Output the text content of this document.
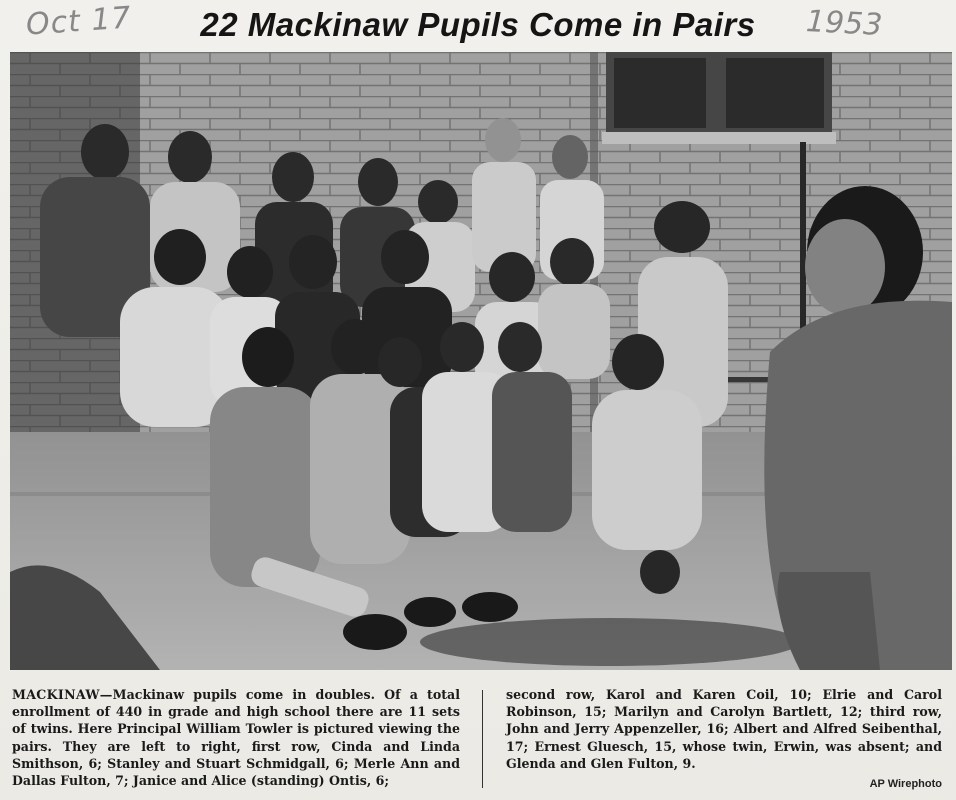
Oct 17	22 Mackinaw Pupils Come in Pairs	1953
MACKINAW—Mackinaw pupils come in doubles. Of a total enrollment of 440 in grade and high school there are 11 sets of twins. Here Principal William Towler is pictured viewing the pairs. They are left to right, first row, Cinda and Linda Smithson, 6; Stanley and Stuart Schmidgall, 6; Merle Ann and Dallas Fulton, 7; Janice and Alice (standing) Ontis, 6;
second row, Karol and Karen Coil, 10; Elrie and Carol Robinson, 15; Marilyn and Carolyn Bartlett, 12; third row, John and Jerry Appenzeller, 16; Albert and Alfred Seibenthal, 17; Ernest Gluesch, 15, whose twin, Erwin, was absent; and Glenda and Glen Fulton, 9.
AP Wirephoto
